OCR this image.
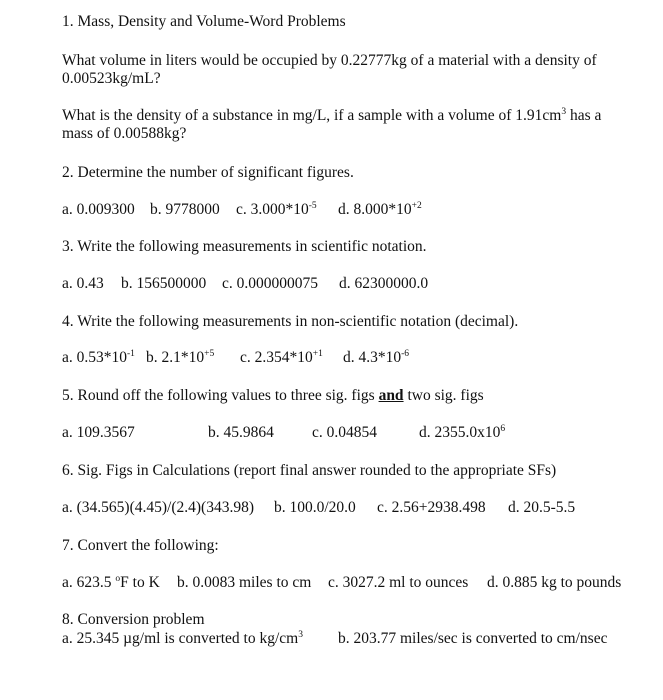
1. Mass, Density and Volume-Word Problems
What volume in liters would be occupied by 0.22777kg of a material with a density of
0.00523kg/mL?
What is the density of a substance in mg/L, if a sample with a volume of $1.91cm^3$ has a
mass of 0.00588kg?
2. Determine the number of significant figures.
a. 0.009300 b. 9778000 c. $3.000*10^{-5}$ d. $8.000*10^{+2}$
3. Write the following measurements in scientific notation.
a. 0.43 b. 156500000 c. 0.000000075 d. 62300000.0
4. Write the following measurements in non-scientific notation (decimal).
a. $0.53*10^{-1}$ b. $2.1*10^{+5}$ c. $2.354*10^{+1}$ d. $4.3*10^{-6}$
5. Round off the following values to three sig. figs and two sig. figs
a. 109.3567	b. 45.9864 c. 0.04854	d. $2355.0x10^6$
6. Sig. Figs in Calculations (report final answer rounded to the appropriate SFs)
a. (34.565)(4.45)/(2.4)(343.98) b. 100.0/20.0 c. 2.56+2938.498 d. 20.5-5.5
7. Convert the following:
a. 623.5 $^o$F to K b. 0.0083 miles to cm c. 3027.2 ml to ounces d. 0.885 kg to pounds
8. Conversion problem
a. 25.345 µg/ml is converted to $kg/cm^3$ b. 203.77 miles/sec is converted to cm/nsec
